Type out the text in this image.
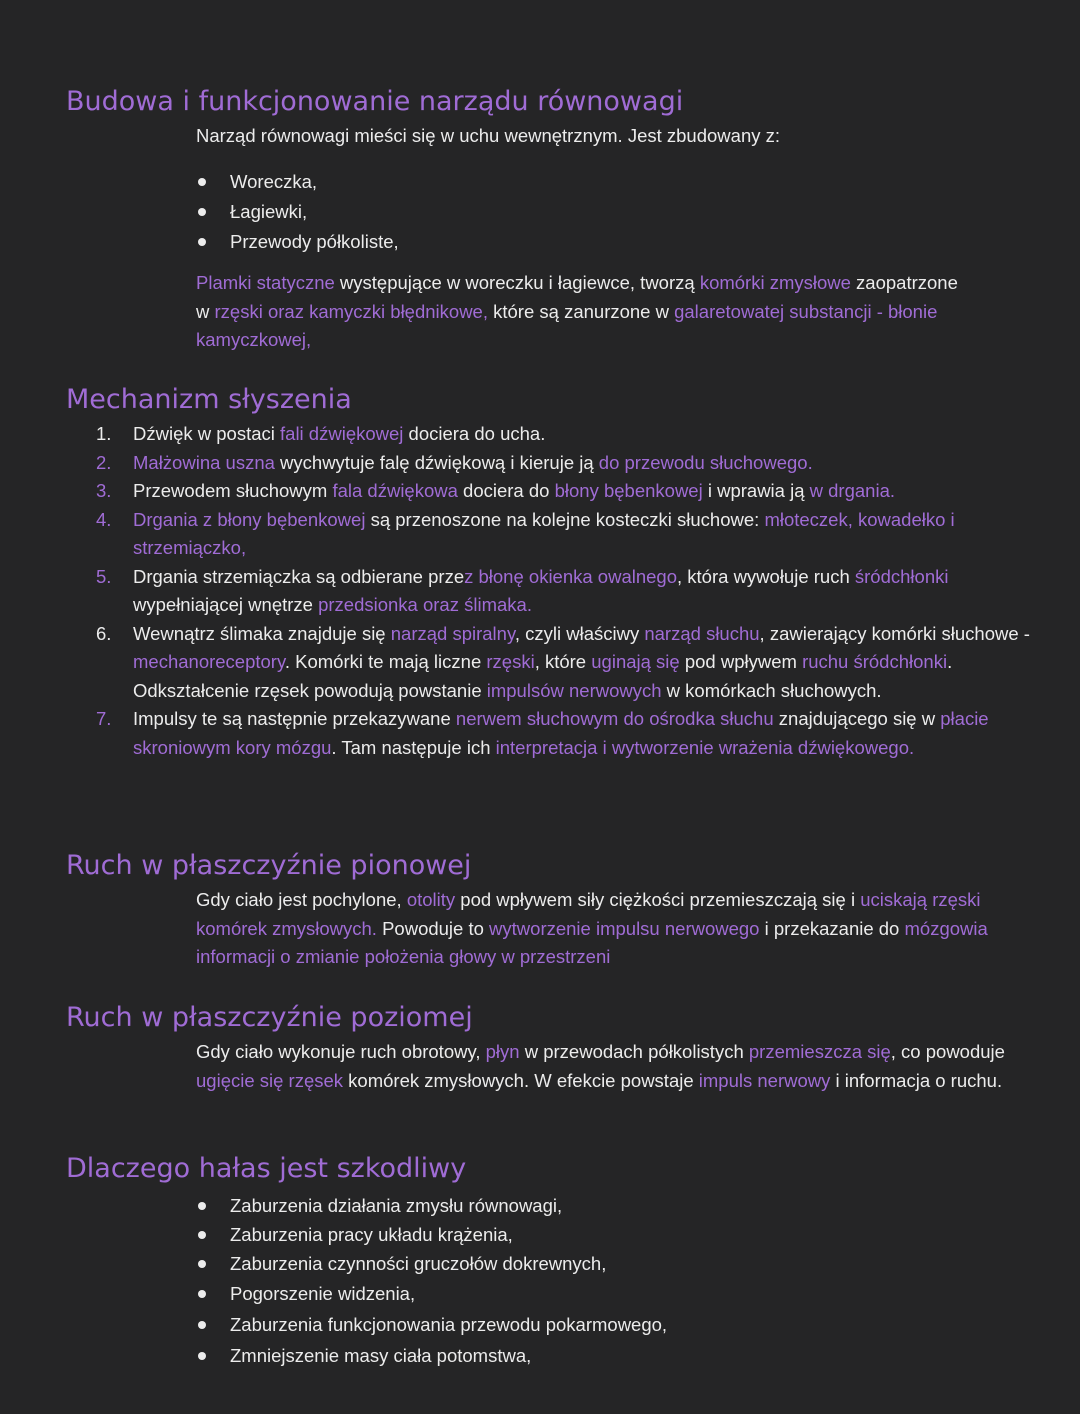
Budowa i funkcjonowanie narządu równowagi

Narząd równowagi mieści się w uchu wewnętrznym. Jest zbudowany z:

Woreczka,
Łagiewki,
Przewody półkoliste,

Plamki statyczne występujące w woreczku i łagiewce, tworzą komórki zmysłowe zaopatrzone w rzęski oraz kamyczki błędnikowe, które są zanurzone w galaretowatej substancji - błonie kamyczkowej,

Mechanizm słyszenia
1. Dźwięk w postaci fali dźwiękowej dociera do ucha.
2. Małżowina uszna wychwytuje falę dźwiękową i kieruje ją do przewodu słuchowego.
3. Przewodem słuchowym fala dźwiękowa dociera do błony bębenkowej i wprawia ją w drgania.
4. Drgania z błony bębenkowej są przenoszone na kolejne kosteczki słuchowe: młoteczek, kowadełko i strzemiączko,
5. Drgania strzemiączka są odbierane przez błonę okienka owalnego, która wywołuje ruch śródchłonki wypełniającej wnętrze przedsionka oraz ślimaka.
6. Wewnątrz ślimaka znajduje się narząd spiralny, czyli właściwy narząd słuchu, zawierający komórki słuchowe - mechanoreceptory. Komórki te mają liczne rzęski, które uginają się pod wpływem ruchu śródchłonki. Odkształcenie rzęsek powodują powstanie impulsów nerwowych w komórkach słuchowych.
7. Impulsy te są następnie przekazywane nerwem słuchowym do ośrodka słuchu znajdującego się w płacie skroniowym kory mózgu. Tam następuje ich interpretacja i wytworzenie wrażenia dźwiękowego.
Ruch w płaszczyźnie pionowej

Gdy ciało jest pochylone, otolity pod wpływem siły ciężkości przemieszczają się i uciskają rzęski komórek zmysłowych. Powoduje to wytworzenie impulsu nerwowego i przekazanie do mózgowia informacji o zmianie położenia głowy w przestrzeni

Ruch w płaszczyźnie poziomej

Gdy ciało wykonuje ruch obrotowy, płyn w przewodach półkolistych przemieszcza się, co powoduje ugięcie się rzęsek komórek zmysłowych. W efekcie powstaje impuls nerwowy i informacja o ruchu.

Dlaczego hałas jest szkodliwy
Zaburzenia działania zmysłu równowagi,
Zaburzenia pracy układu krążenia,
Zaburzenia czynności gruczołów dokrewnych,
Pogorszenie widzenia,
Zaburzenia funkcjonowania przewodu pokarmowego,
Zmniejszenie masy ciała potomstwa,
